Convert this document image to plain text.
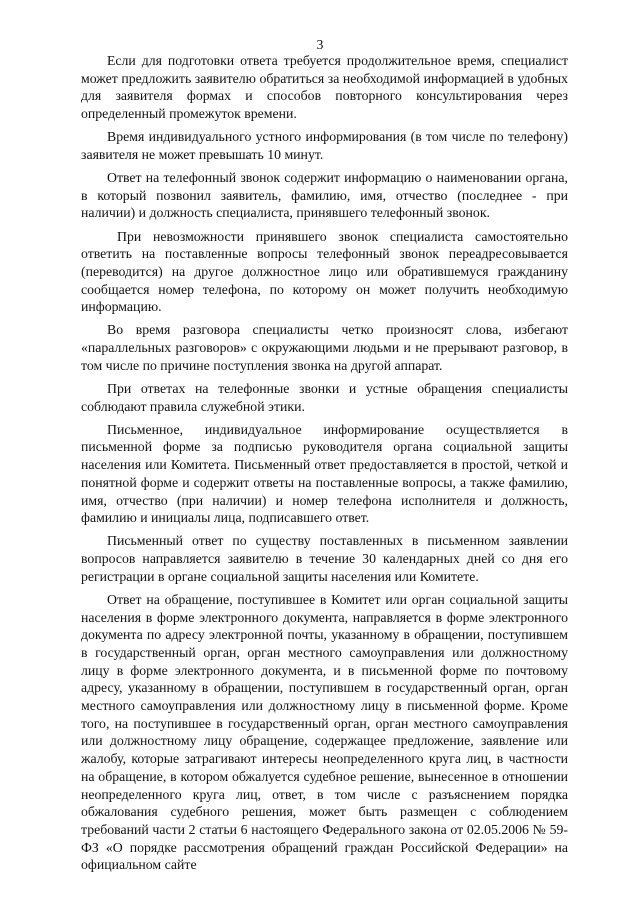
3

Если для подготовки ответа требуется продолжительное время, специалист может предложить заявителю обратиться за необходимой информацией в удобных для заявителя формах и способов повторного консультирования через определенный промежуток времени.

Время индивидуального устного информирования (в том числе по телефону) заявителя не может превышать 10 минут.

Ответ на телефонный звонок содержит информацию о наименовании органа, в который позвонил заявитель, фамилию, имя, отчество (последнее - при наличии) и должность специалиста, принявшего телефонный звонок.

При невозможности принявшего звонок специалиста самостоятельно ответить на поставленные вопросы телефонный звонок переадресовывается (переводится) на другое должностное лицо или обратившемуся гражданину сообщается номер телефона, по которому он может получить необходимую информацию.

Во время разговора специалисты четко произносят слова, избегают «параллельных разговоров» с окружающими людьми и не прерывают разговор, в том числе по причине поступления звонка на другой аппарат.

При ответах на телефонные звонки и устные обращения специалисты соблюдают правила служебной этики.

Письменное, индивидуальное информирование осуществляется в письменной форме за подписью руководителя органа социальной защиты населения или Комитета. Письменный ответ предоставляется в простой, четкой и понятной форме и содержит ответы на поставленные вопросы, а также фамилию, имя, отчество (при наличии) и номер телефона исполнителя и должность, фамилию и инициалы лица, подписавшего ответ.

Письменный ответ по существу поставленных в письменном заявлении вопросов направляется заявителю в течение 30 календарных дней со дня его регистрации в органе социальной защиты населения или Комитете.

Ответ на обращение, поступившее в Комитет или орган социальной защиты населения в форме электронного документа, направляется в форме электронного документа по адресу электронной почты, указанному в обращении, поступившем в государственный орган, орган местного самоуправления или должностному лицу в форме электронного документа, и в письменной форме по почтовому адресу, указанному в обращении, поступившем в государственный орган, орган местного самоуправления или должностному лицу в письменной форме. Кроме того, на поступившее в государственный орган, орган местного самоуправления или должностному лицу обращение, содержащее предложение, заявление или жалобу, которые затрагивают интересы неопределенного круга лиц, в частности на обращение, в котором обжалуется судебное решение, вынесенное в отношении неопределенного круга лиц, ответ, в том числе с разъяснением порядка обжалования судебного решения, может быть размещен с соблюдением требований части 2 статьи 6 настоящего Федерального закона от 02.05.2006 № 59-ФЗ «О порядке рассмотрения обращений граждан Российской Федерации» на официальном сайте
